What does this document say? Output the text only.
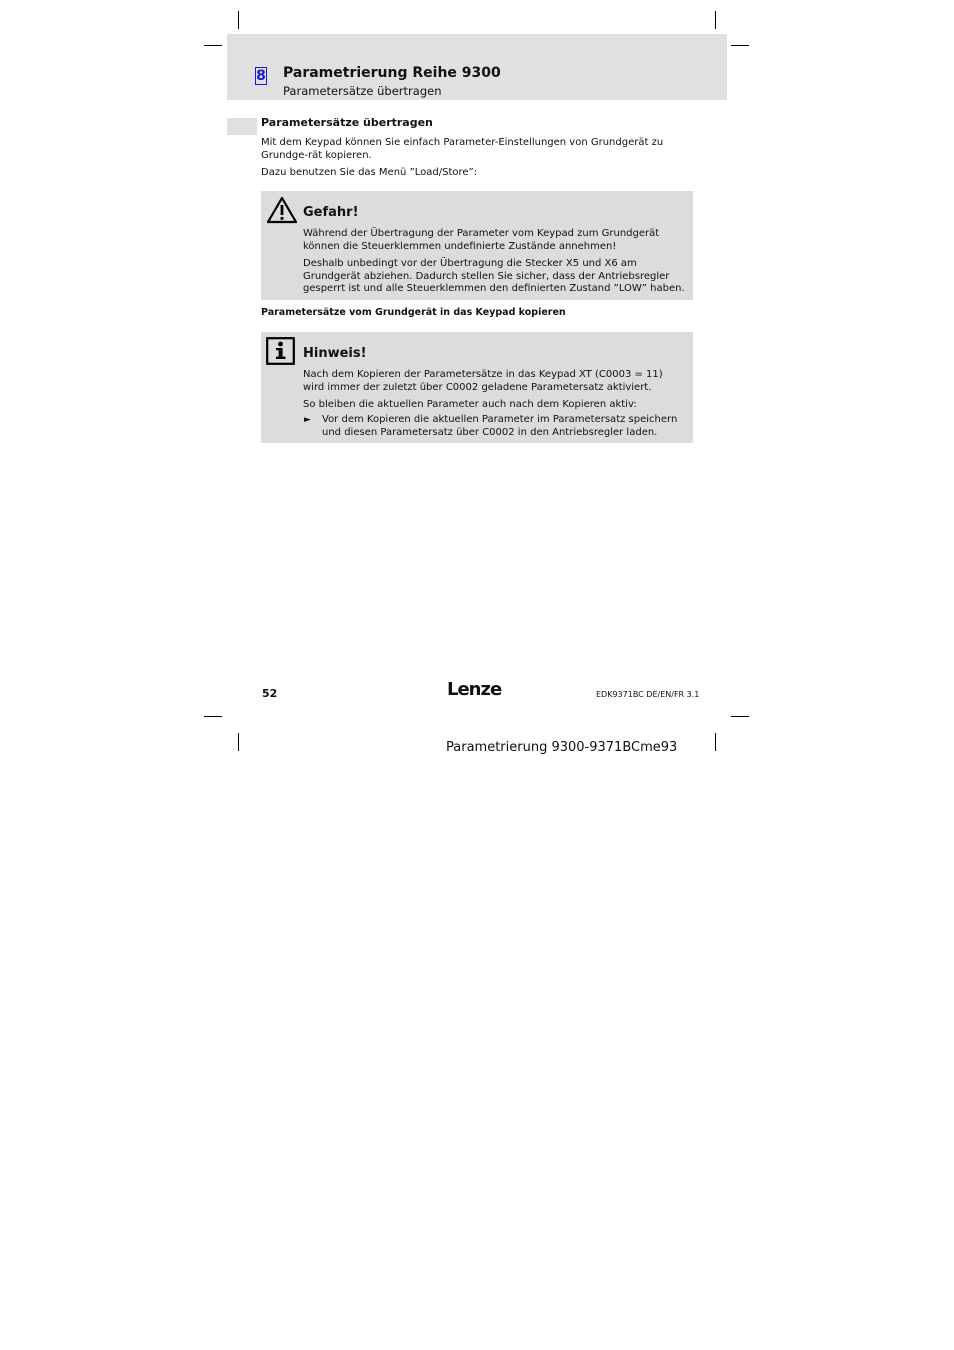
8 Parametrierung Reihe 9300
Parametersätze übertragen
Parametersätze übertragen
Mit dem Keypad können Sie einfach Parameter-Einstellungen von Grundgerät zu Grundge-rät kopieren.
Dazu benutzen Sie das Menü ”Load/Store”:
Gefahr!
Während der Übertragung der Parameter vom Keypad zum Grundgerät können die Steuerklemmen undefinierte Zustände annehmen!
Deshalb unbedingt vor der Übertragung die Stecker X5 und X6 am Grundgerät abziehen. Dadurch stellen Sie sicher, dass der Antriebsregler gesperrt ist und alle Steuerklemmen den definierten Zustand ”LOW” haben.
Parametersätze vom Grundgerät in das Keypad kopieren
Hinweis!
Nach dem Kopieren der Parametersätze in das Keypad XT (C0003 = 11) wird immer der zuletzt über C0002 geladene Parametersatz aktiviert.
So bleiben die aktuellen Parameter auch nach dem Kopieren aktiv:
► Vor dem Kopieren die aktuellen Parameter im Parametersatz speichern und diesen Parametersatz über C0002 in den Antriebsregler laden.
52	Lenze	EDK9371BC DE/EN/FR 3.1
Parametrierung 9300-9371BCme93
